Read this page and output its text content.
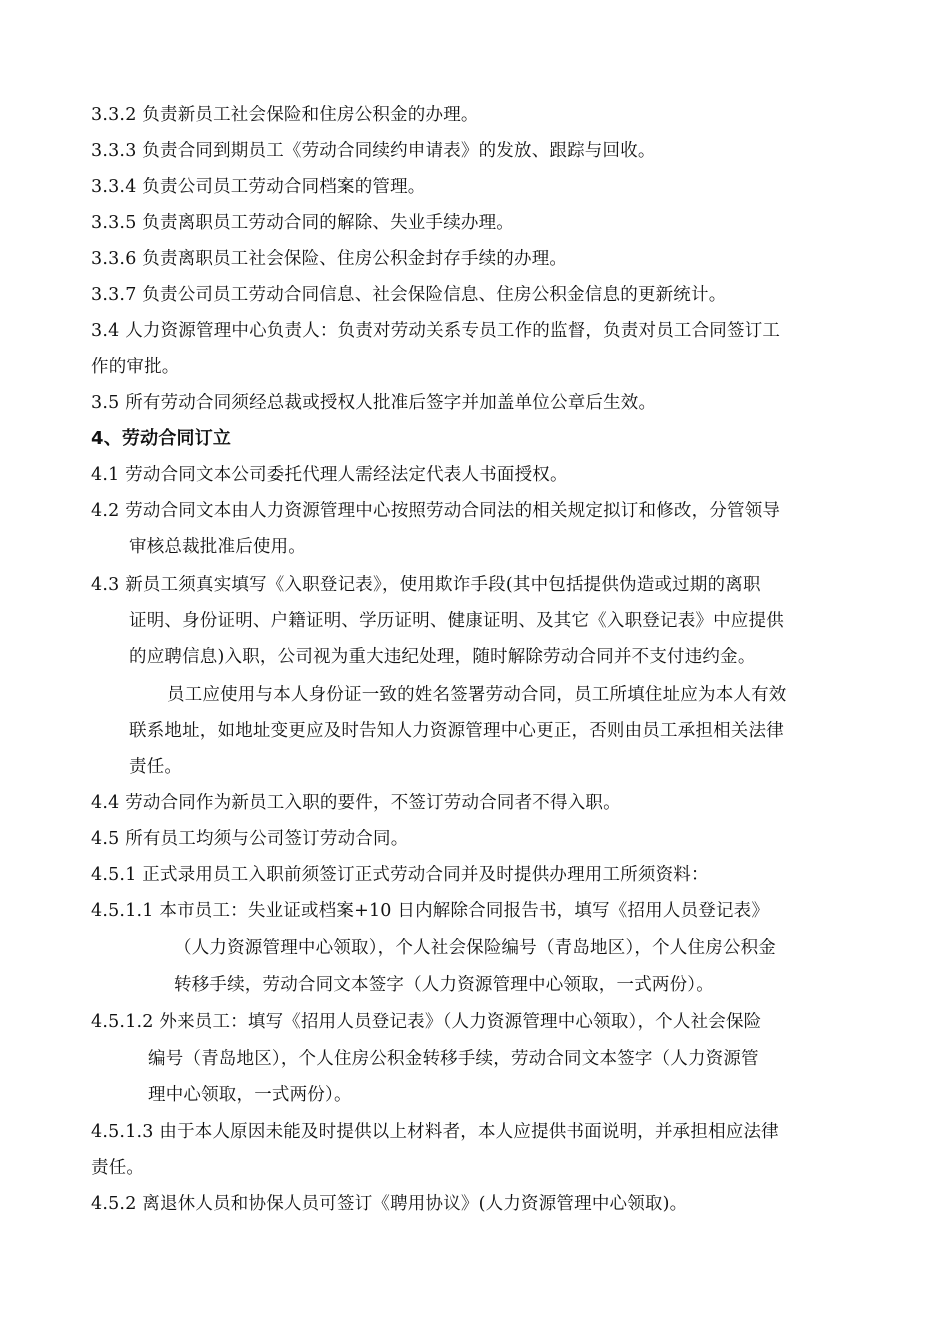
3.3.2 负责新员工社会保险和住房公积金的办理。
3.3.3 负责合同到期员工《劳动合同续约申请表》的发放、跟踪与回收。
3.3.4 负责公司员工劳动合同档案的管理。
3.3.5 负责离职员工劳动合同的解除、失业手续办理。
3.3.6 负责离职员工社会保险、住房公积金封存手续的办理。
3.3.7 负责公司员工劳动合同信息、社会保险信息、住房公积金信息的更新统计。
3.4 人力资源管理中心负责人：负责对劳动关系专员工作的监督，负责对员工合同签订工
作的审批。
3.5 所有劳动合同须经总裁或授权人批准后签字并加盖单位公章后生效。
4、劳动合同订立
4.1 劳动合同文本公司委托代理人需经法定代表人书面授权。
4.2 劳动合同文本由人力资源管理中心按照劳动合同法的相关规定拟订和修改，分管领导
审核总裁批准后使用。
4.3 新员工须真实填写《入职登记表》，使用欺诈手段(其中包括提供伪造或过期的离职
证明、身份证明、户籍证明、学历证明、健康证明、及其它《入职登记表》中应提供
的应聘信息)入职，公司视为重大违纪处理，随时解除劳动合同并不支付违约金。
员工应使用与本人身份证一致的姓名签署劳动合同，员工所填住址应为本人有效
联系地址，如地址变更应及时告知人力资源管理中心更正，否则由员工承担相关法律
责任。
4.4 劳动合同作为新员工入职的要件，不签订劳动合同者不得入职。
4.5 所有员工均须与公司签订劳动合同。
4.5.1 正式录用员工入职前须签订正式劳动合同并及时提供办理用工所须资料：
4.5.1.1 本市员工：失业证或档案+10 日内解除合同报告书，填写《招用人员登记表》
（人力资源管理中心领取），个人社会保险编号（青岛地区），个人住房公积金
转移手续，劳动合同文本签字（人力资源管理中心领取，一式两份）。
4.5.1.2 外来员工：填写《招用人员登记表》（人力资源管理中心领取），个人社会保险
编号（青岛地区），个人住房公积金转移手续，劳动合同文本签字（人力资源管
理中心领取，一式两份）。
4.5.1.3 由于本人原因未能及时提供以上材料者，本人应提供书面说明，并承担相应法律
责任。
4.5.2 离退休人员和协保人员可签订《聘用协议》(人力资源管理中心领取)。
